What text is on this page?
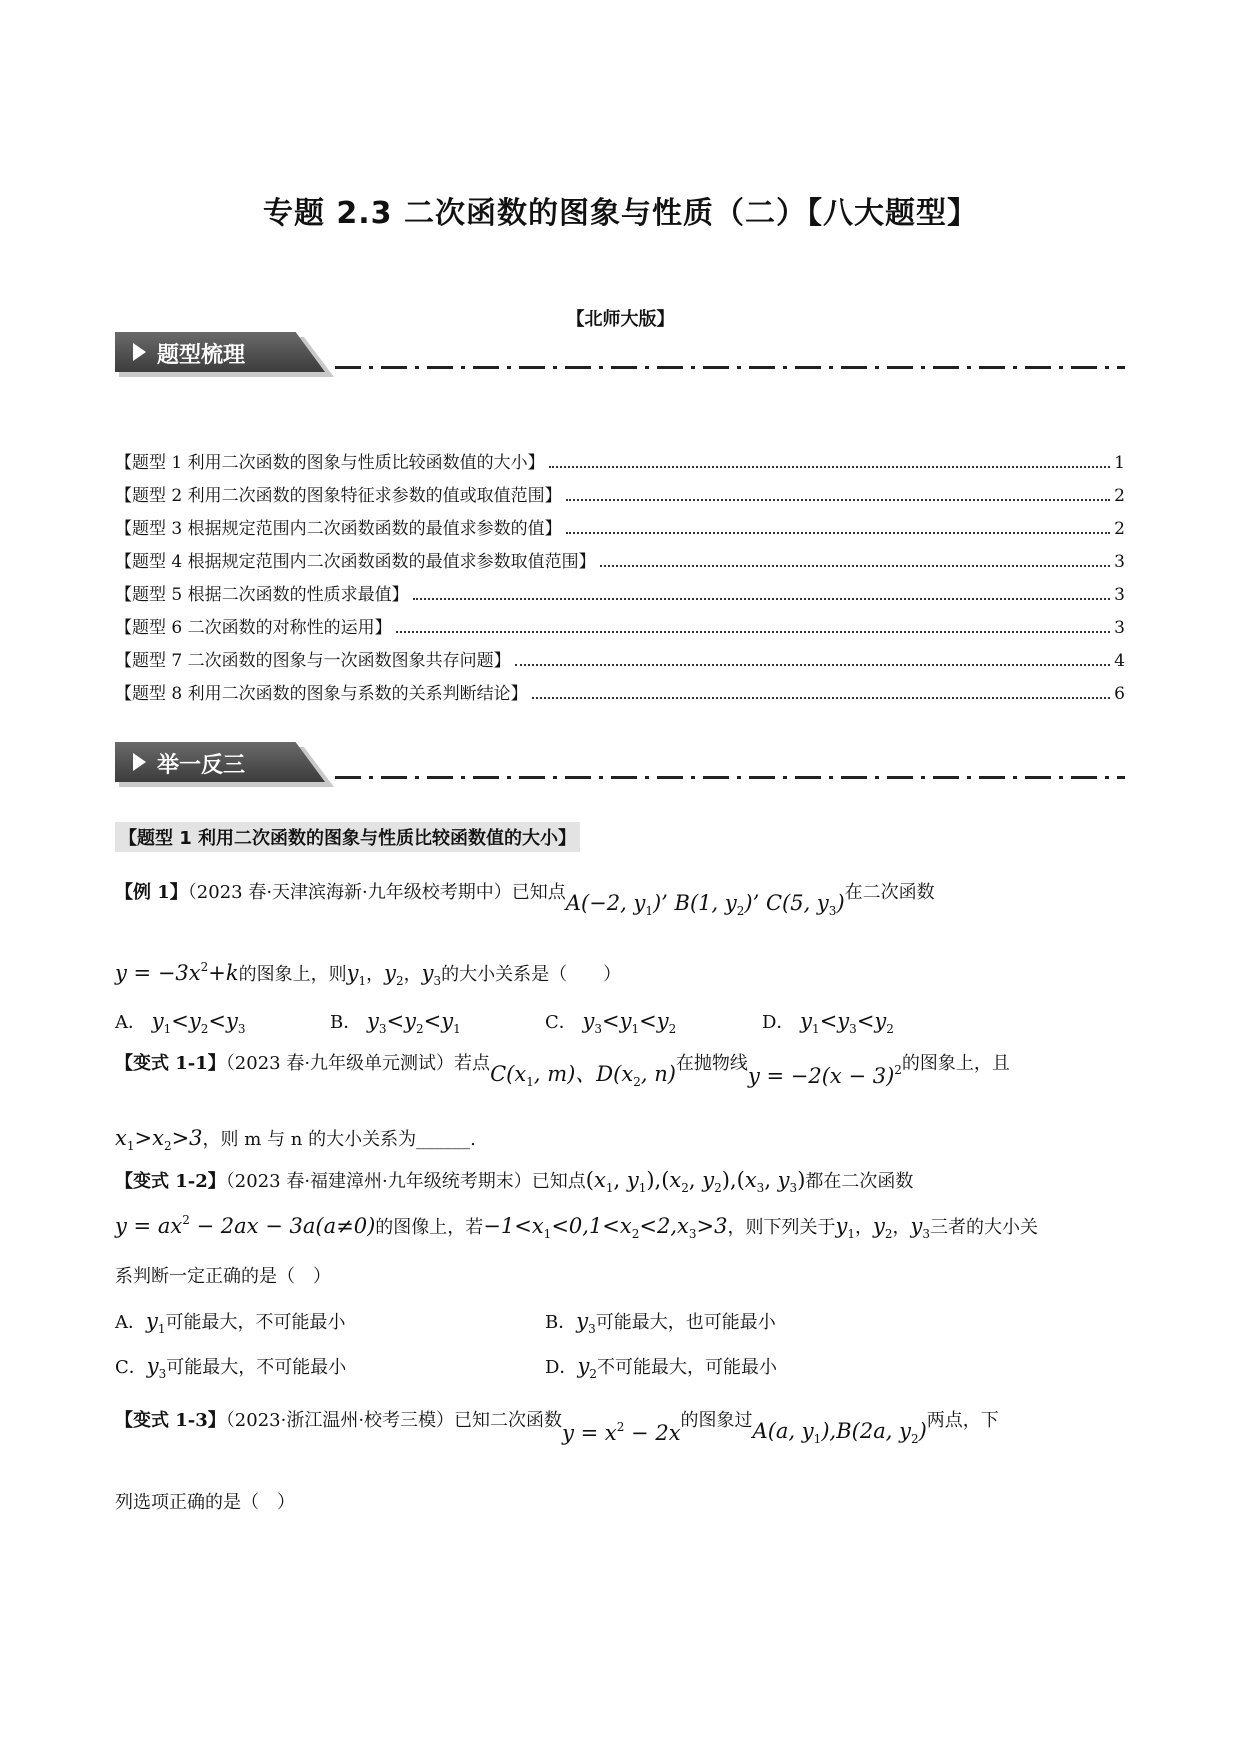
专题 2.3 二次函数的图象与性质（二）【八大题型】
【北师大版】
题型梳理
【题型 1 利用二次函数的图象与性质比较函数值的大小】	1
【题型 2 利用二次函数的图象特征求参数的值或取值范围】	2
【题型 3 根据规定范围内二次函数函数的最值求参数的值】	2
【题型 4 根据规定范围内二次函数函数的最值求参数取值范围】	3
【题型 5 根据二次函数的性质求最值】	3
【题型 6 二次函数的对称性的运用】	3
【题型 7 二次函数的图象与一次函数图象共存问题】	4
【题型 8 利用二次函数的图象与系数的关系判断结论】	6
举一反三
【题型 1 利用二次函数的图象与性质比较函数值的大小】
【例 1】（2023 春·天津滨海新·九年级校考期中）已知点A(−2, $y_1$)’ B(1, $y_2$)’ C(5, $y_3$)在二次函数
$y = -3x^2+k$的图象上，则$y_1$，$y_2$，$y_3$的大小关系是（　　）
A． $y_1<y_2<y_3$	B． $y_3<y_2<y_1$	C． $y_3<y_1<y_2$	D． $y_1<y_3<y_2$
【变式 1-1】（2023 春·九年级单元测试）若点$C(x_1$, m)、$D(x_2$, n)在抛物线$y = -2(x - 3)^2$的图象上，且
$x_1>x_2>3$，则 m 与 n 的大小关系为______.
【变式 1-2】（2023 春·福建漳州·九年级统考期末）已知点($x_1$, $y_1),(x_2$, $y_2),(x_3$, $y_3$)都在二次函数
$y = ax^2 - 2ax - 3a(a\ne 0)$的图像上，若$-1<x_1<0,1<x_2<2,x_3>3$，则下列关于$y_1$，$y_2$，$y_3$三者的大小关
系判断一定正确的是（　）
A．$y_1$可能最大，不可能最小	B．$y_3$可能最大，也可能最小
C．$y_3$可能最大，不可能最小	D．$y_2$不可能最大，可能最小
【变式 1-3】（2023·浙江温州·校考三模）已知二次函数$y = x^2 - 2x$的图象过A(a, $y_1),B(2a$, $y_2$)两点，下
列选项正确的是（　）
